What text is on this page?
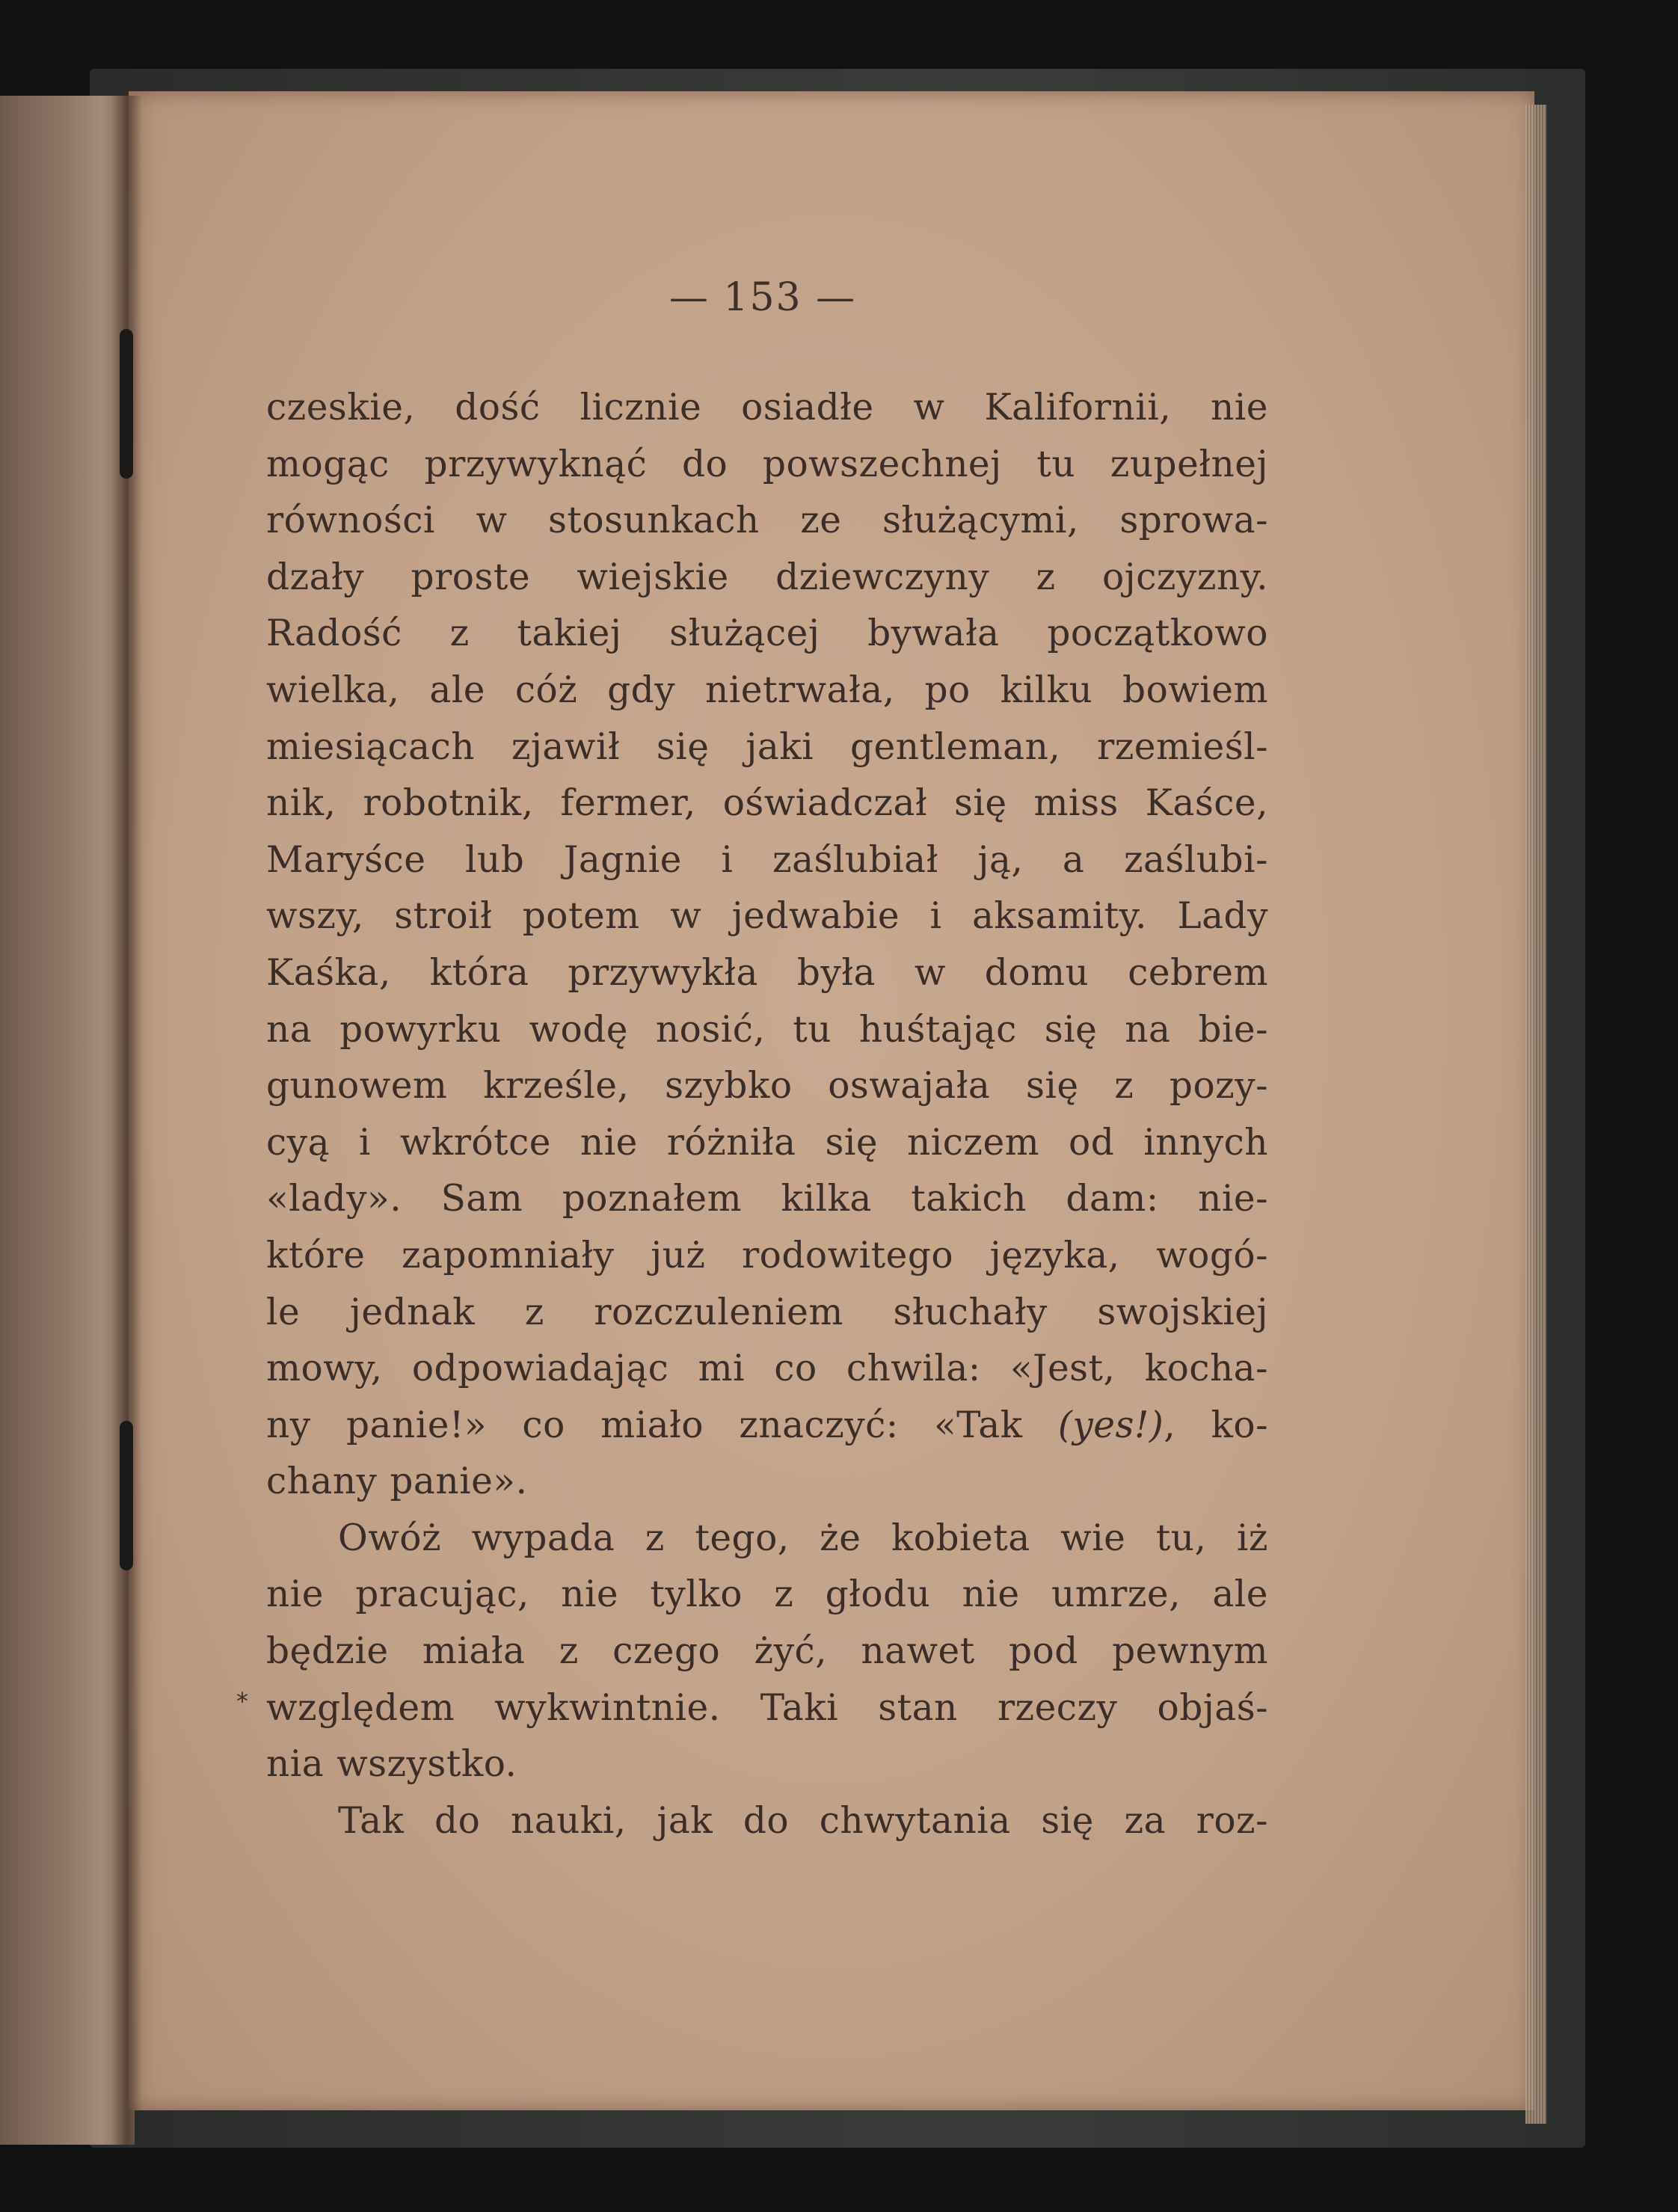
— 153 —

czeskie, dość licznie osiadłe w Kalifornii, nie
mogąc przywyknąć do powszechnej tu zupełnej
równości w stosunkach ze służącymi, sprowa-
dzały proste wiejskie dziewczyny z ojczyzny.
Radość z takiej służącej bywała początkowo
wielka, ale cóż gdy nietrwała, po kilku bowiem
miesiącach zjawił się jaki gentleman, rzemieśl-
nik, robotnik, fermer, oświadczał się miss Kaśce,
Maryśce lub Jagnie i zaślubiał ją, a zaślubi-
wszy, stroił potem w jedwabie i aksamity. Lady
Kaśka, która przywykła była w domu cebrem
na powyrku wodę nosić, tu huśtając się na bie-
gunowem krześle, szybko oswajała się z pozy-
cyą i wkrótce nie różniła się niczem od innych
«lady». Sam poznałem kilka takich dam: nie-
które zapomniały już rodowitego języka, wogó-
le jednak z rozczuleniem słuchały swojskiej
mowy, odpowiadając mi co chwila: «Jest, kocha-
ny panie!» co miało znaczyć: «Tak (yes!), ko-
chany panie».
Owóż wypada z tego, że kobieta wie tu, iż
nie pracując, nie tylko z głodu nie umrze, ale
będzie miała z czego żyć, nawet pod pewnym
względem wykwintnie. Taki stan rzeczy objaś-
nia wszystko.
Tak do nauki, jak do chwytania się za roz-
*
